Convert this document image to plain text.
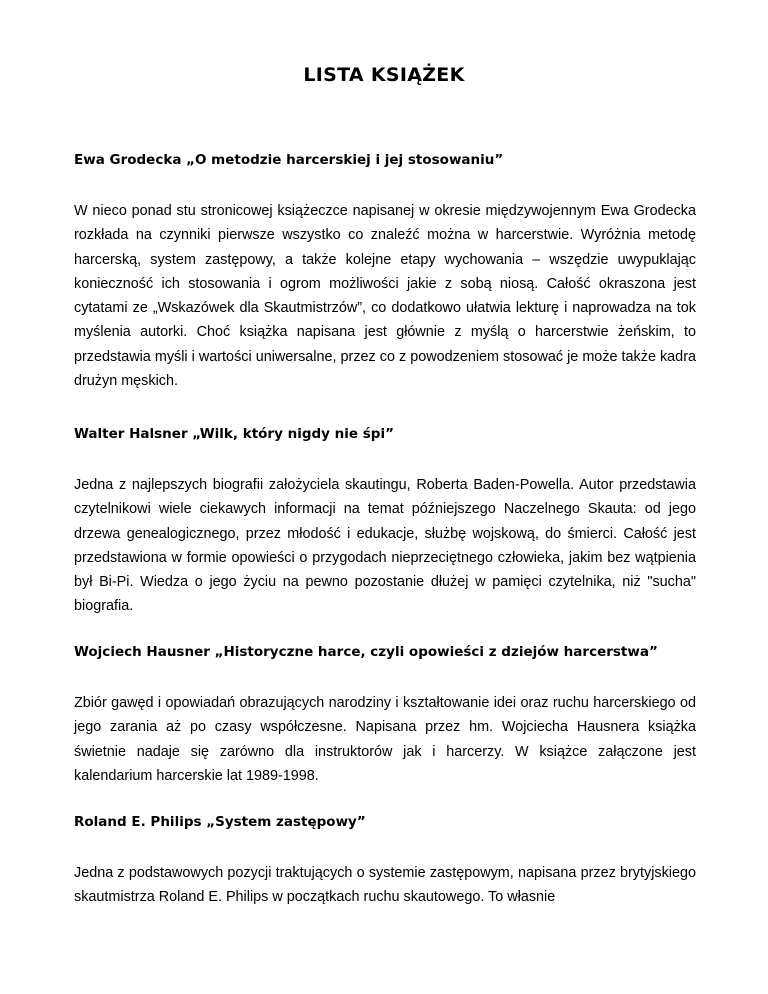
LISTA KSIĄŻEK
Ewa Grodecka „O metodzie harcerskiej i jej stosowaniu”

W nieco ponad stu stronicowej książeczce napisanej w okresie międzywojennym Ewa Grodecka rozkłada na czynniki pierwsze wszystko co znaleźć można w harcerstwie. Wyróżnia metodę harcerską, system zastępowy, a także kolejne etapy wychowania – wszędzie uwypuklając konieczność ich stosowania i ogrom możliwości jakie z sobą niosą. Całość okraszona jest cytatami ze „Wskazówek dla Skautmistrzów”, co dodatkowo ułatwia lekturę i naprowadza na tok myślenia autorki. Choć książka napisana jest głównie z myślą o harcerstwie żeńskim, to przedstawia myśli i wartości uniwersalne, przez co z powodzeniem stosować je może także kadra drużyn męskich.

Walter Halsner „Wilk, który nigdy nie śpi”

Jedna z najlepszych biografii założyciela skautingu, Roberta Baden-Powella. Autor przedstawia czytelnikowi wiele ciekawych informacji na temat późniejszego Naczelnego Skauta: od jego drzewa genealogicznego, przez młodość i edukacje, służbę wojskową, do śmierci. Całość jest przedstawiona w formie opowieści o przygodach nieprzeciętnego człowieka, jakim bez wątpienia był Bi-Pi. Wiedza o jego życiu na pewno pozostanie dłużej w pamięci czytelnika, niż "sucha" biografia.

Wojciech Hausner „Historyczne harce, czyli opowieści z dziejów harcerstwa”

Zbiór gawęd i opowiadań obrazujących narodziny i kształtowanie idei oraz ruchu harcerskiego od jego zarania aż po czasy współczesne. Napisana przez hm. Wojciecha Hausnera książka świetnie nadaje się zarówno dla instruktorów jak i harcerzy. W książce załączone jest kalendarium harcerskie lat 1989-1998.

Roland E. Philips „System zastępowy”

Jedna z podstawowych pozycji traktujących o systemie zastępowym, napisana przez brytyjskiego skautmistrza Roland E. Philips w początkach ruchu skautowego. To własnie
